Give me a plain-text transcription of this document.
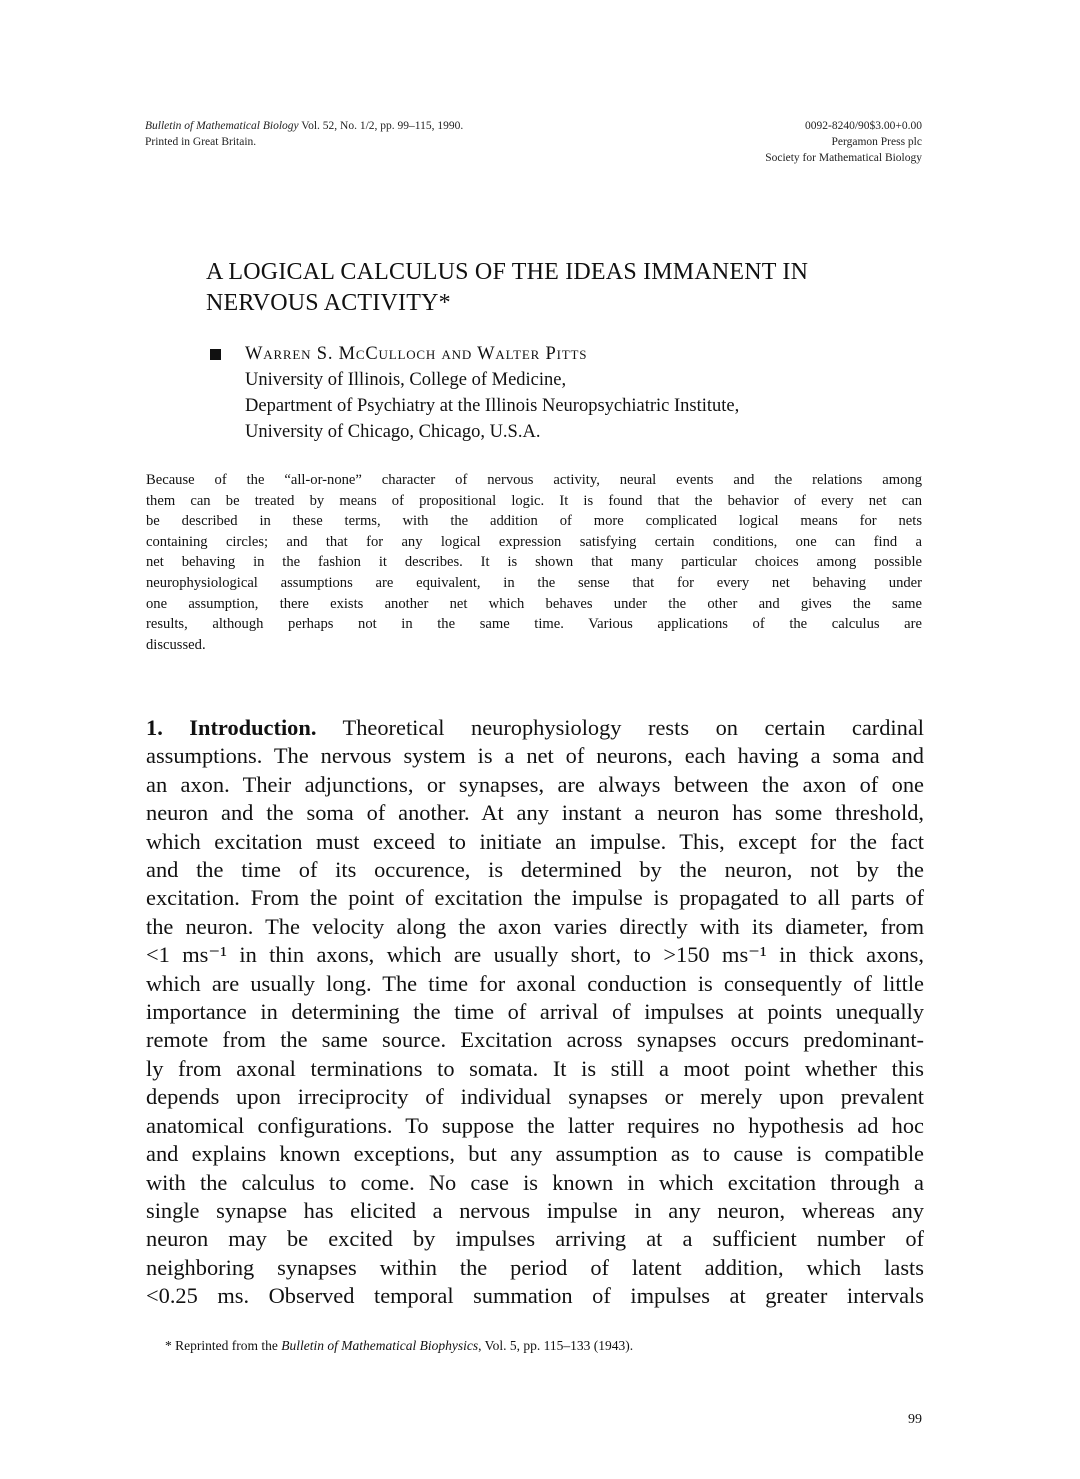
Bulletin of Mathematical Biology Vol. 52, No. 1/2, pp. 99–115, 1990.
Printed in Great Britain.
0092-8240/90$3.00+0.00
Pergamon Press plc
Society for Mathematical Biology
A LOGICAL CALCULUS OF THE IDEAS IMMANENT IN
NERVOUS ACTIVITY*
Warren S. McCulloch and Walter Pitts
University of Illinois, College of Medicine,
Department of Psychiatry at the Illinois Neuropsychiatric Institute,
University of Chicago, Chicago, U.S.A.
Because of the “all-or-none” character of nervous activity, neural events and the relations among
them can be treated by means of propositional logic. It is found that the behavior of every net can
be described in these terms, with the addition of more complicated logical means for nets
containing circles; and that for any logical expression satisfying certain conditions, one can find a
net behaving in the fashion it describes. It is shown that many particular choices among possible
neurophysiological assumptions are equivalent, in the sense that for every net behaving under
one assumption, there exists another net which behaves under the other and gives the same
results, although perhaps not in the same time. Various applications of the calculus are
discussed.
1. Introduction. Theoretical neurophysiology rests on certain cardinal
assumptions. The nervous system is a net of neurons, each having a soma and
an axon. Their adjunctions, or synapses, are always between the axon of one
neuron and the soma of another. At any instant a neuron has some threshold,
which excitation must exceed to initiate an impulse. This, except for the fact
and the time of its occurence, is determined by the neuron, not by the
excitation. From the point of excitation the impulse is propagated to all parts of
the neuron. The velocity along the axon varies directly with its diameter, from
<1 ms⁻¹ in thin axons, which are usually short, to >150 ms⁻¹ in thick axons,
which are usually long. The time for axonal conduction is consequently of little
importance in determining the time of arrival of impulses at points unequally
remote from the same source. Excitation across synapses occurs predominant-
ly from axonal terminations to somata. It is still a moot point whether this
depends upon irreciprocity of individual synapses or merely upon prevalent
anatomical configurations. To suppose the latter requires no hypothesis ad hoc
and explains known exceptions, but any assumption as to cause is compatible
with the calculus to come. No case is known in which excitation through a
single synapse has elicited a nervous impulse in any neuron, whereas any
neuron may be excited by impulses arriving at a sufficient number of
neighboring synapses within the period of latent addition, which lasts
<0.25 ms. Observed temporal summation of impulses at greater intervals
* Reprinted from the Bulletin of Mathematical Biophysics, Vol. 5, pp. 115–133 (1943).
99
